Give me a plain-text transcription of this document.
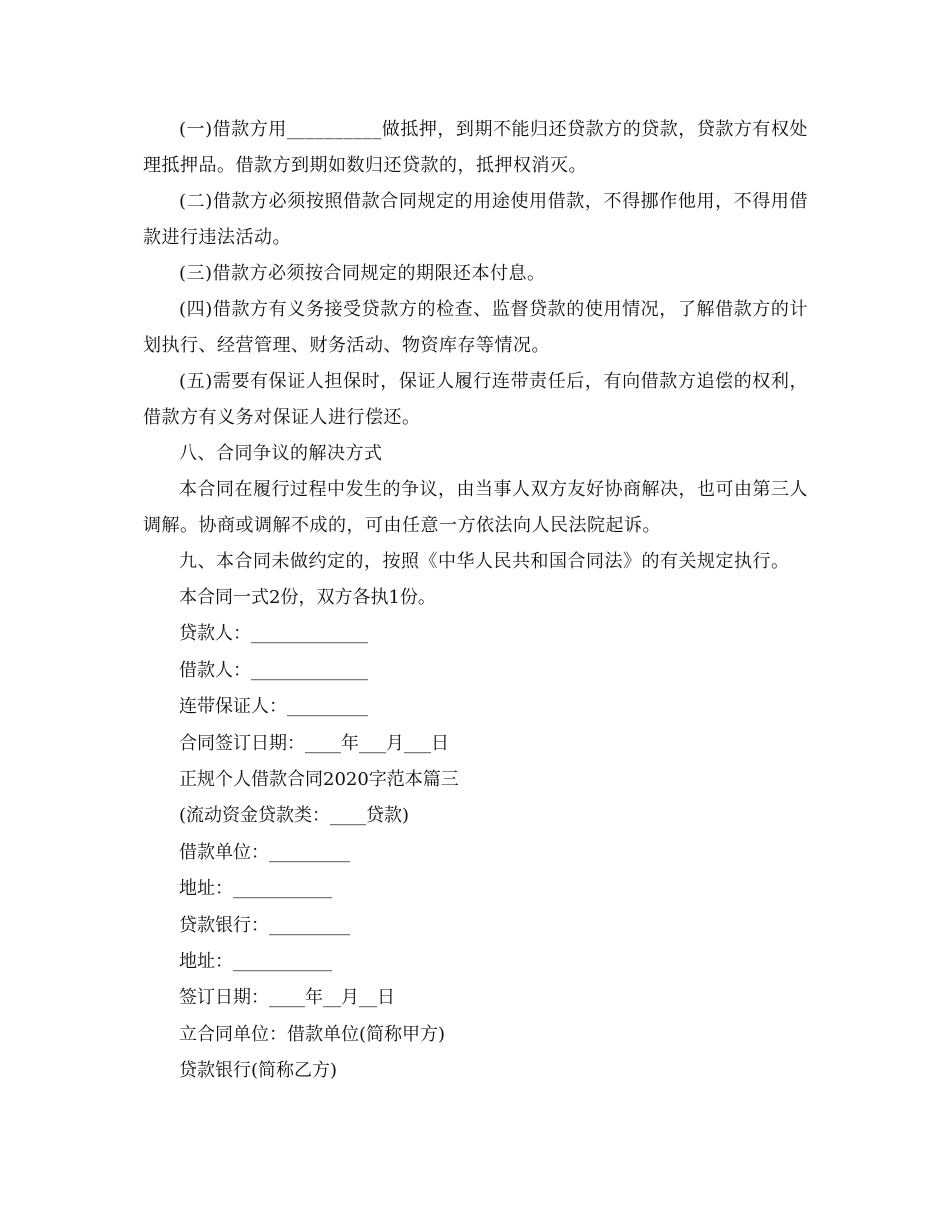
(一)借款方用__________做抵押，到期不能归还贷款方的贷款，贷款方有权处理抵押品。借款方到期如数归还贷款的，抵押权消灭。

(二)借款方必须按照借款合同规定的用途使用借款，不得挪作他用，不得用借款进行违法活动。

(三)借款方必须按合同规定的期限还本付息。

(四)借款方有义务接受贷款方的检查、监督贷款的使用情况，了解借款方的计划执行、经营管理、财务活动、物资库存等情况。

(五)需要有保证人担保时，保证人履行连带责任后，有向借款方追偿的权利，借款方有义务对保证人进行偿还。

八、合同争议的解决方式

本合同在履行过程中发生的争议，由当事人双方友好协商解决，也可由第三人调解。协商或调解不成的，可由任意一方依法向人民法院起诉。

九、本合同未做约定的，按照《中华人民共和国合同法》的有关规定执行。

本合同一式2份，双方各执1份。

贷款人：_____________

借款人：_____________

连带保证人：_________

合同签订日期：____年___月___日

正规个人借款合同2020字范本篇三

(流动资金贷款类：____贷款)

借款单位：_________

地址：___________

贷款银行：_________

地址：___________

签订日期：____年__月__日

立合同单位：借款单位(简称甲方)

贷款银行(简称乙方)
